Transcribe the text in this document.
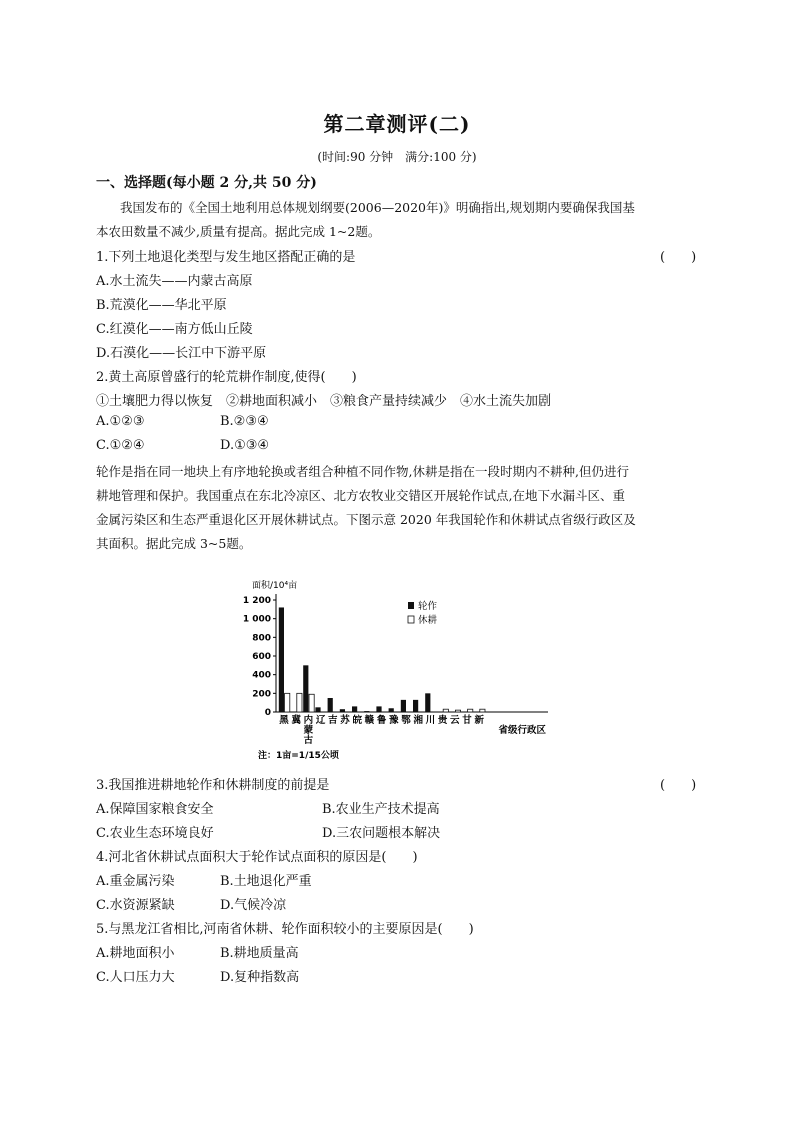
第二章测评(二)
(时间:90 分钟　满分:100 分)
一、选择题(每小题 2 分,共 50 分)
我国发布的《全国土地利用总体规划纲要(2006—2020年)》明确指出,规划期内要确保我国基
本农田数量不减少,质量有提高。据此完成 1~2题。
1.下列土地退化类型与发生地区搭配正确的是	(　　)
A.水土流失——内蒙古高原
B.荒漠化——华北平原
C.红漠化——南方低山丘陵
D.石漠化——长江中下游平原
2.黄土高原曾盛行的轮荒耕作制度,使得(　　)
①土壤肥力得以恢复　②耕地面积减小　③粮食产量持续减少　④水土流失加剧
A.①②③	B.②③④
C.①②④	D.①③④
轮作是指在同一地块上有序地轮换或者组合种植不同作物,休耕是指在一段时期内不耕种,但仍进行
耕地管理和保护。我国重点在东北冷凉区、北方农牧业交错区开展轮作试点,在地下水漏斗区、重
金属污染区和生态严重退化区开展休耕试点。下图示意 2020 年我国轮作和休耕试点省级行政区及
其面积。据此完成 3~5题。
面积/10⁴亩
0
200
400
600
800
1 000
1 200
黑 冀 内
蒙
古
辽 吉 苏 皖 赣 鲁 豫 鄂 湘 川 贵 云 甘 新
省级行政区
轮作
休耕
注：1亩=1/15公顷
3.我国推进耕地轮作和休耕制度的前提是	(　　)
A.保障国家粮食安全	B.农业生产技术提高
C.农业生态环境良好	D.三农问题根本解决
4.河北省休耕试点面积大于轮作试点面积的原因是(　　)
A.重金属污染	B.土地退化严重
C.水资源紧缺	D.气候冷凉
5.与黑龙江省相比,河南省休耕、轮作面积较小的主要原因是(　　)
A.耕地面积小	B.耕地质量高
C.人口压力大	D.复种指数高
